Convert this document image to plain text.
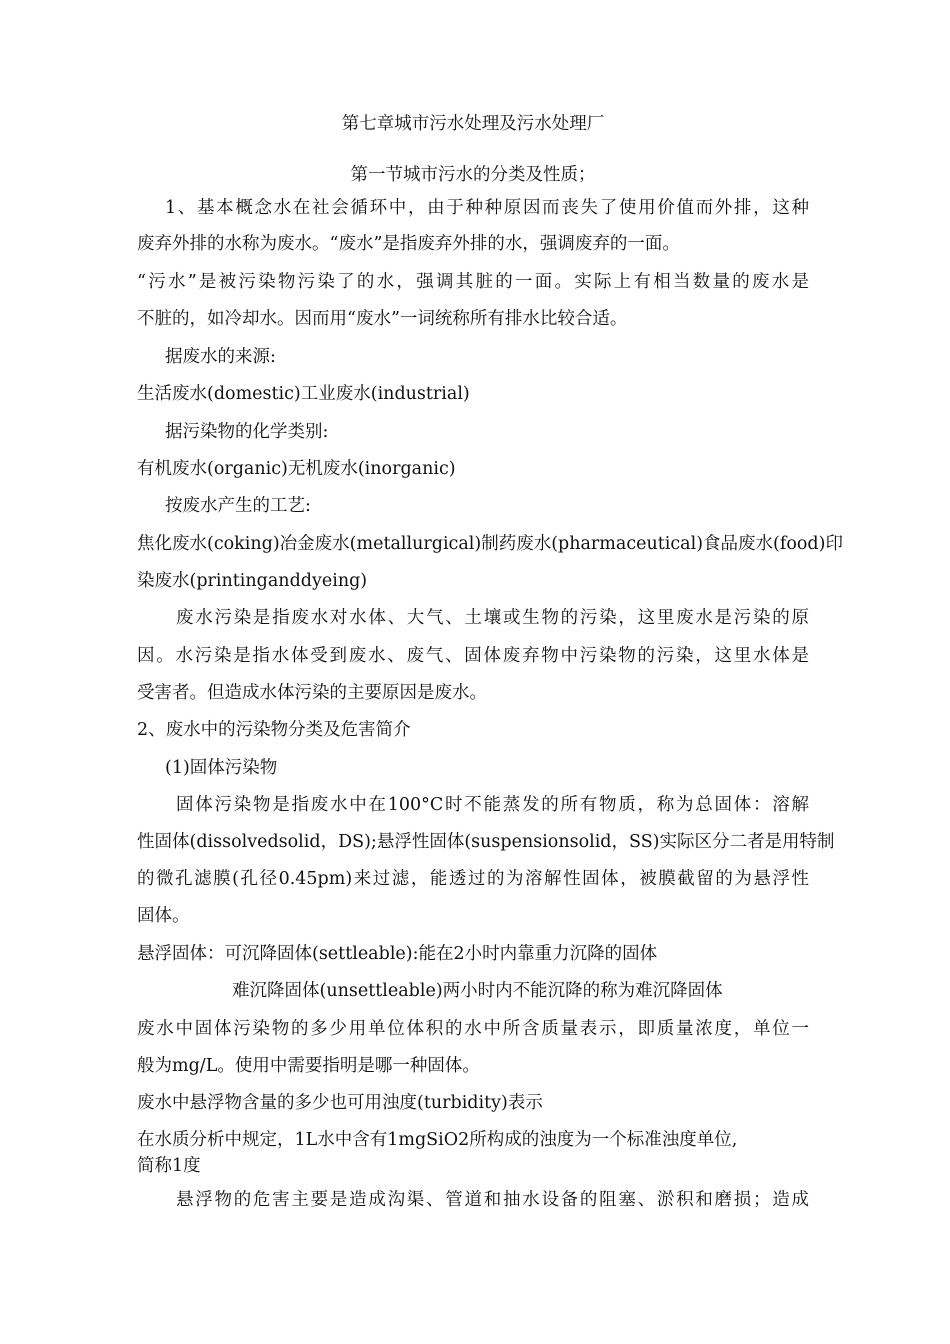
第七章城市污水处理及污水处理厂
第一节城市污水的分类及性质；
1、基本概念水在社会循环中，由于种种原因而丧失了使用价值而外排，这种
废弃外排的水称为废水。“废水”是指废弃外排的水，强调废弃的一面。
“污水”是被污染物污染了的水，强调其脏的一面。实际上有相当数量的废水是
不脏的，如冷却水。因而用“废水”一词统称所有排水比较合适。
据废水的来源:
生活废水(domestic)工业废水(industrial)
据污染物的化学类别:
有机废水(organic)无机废水(inorganic)
按废水产生的工艺:
焦化废水(coking)冶金废水(metallurgical)制药废水(pharmaceutical)食品废水(food)印
染废水(printinganddyeing)
废水污染是指废水对水体、大气、土壤或生物的污染，这里废水是污染的原
因。水污染是指水体受到废水、废气、固体废弃物中污染物的污染，这里水体是
受害者。但造成水体污染的主要原因是废水。
2、废水中的污染物分类及危害简介
(1)固体污染物
固体污染物是指废水中在100°C时不能蒸发的所有物质，称为总固体：溶解
性固体(dissolvedsolid，DS);悬浮性固体(suspensionsolid，SS)实际区分二者是用特制
的微孔滤膜(孔径0.45pm)来过滤，能透过的为溶解性固体，被膜截留的为悬浮性
固体。
悬浮固体：可沉降固体(settleable):能在2小时内靠重力沉降的固体
难沉降固体(unsettleable)两小时内不能沉降的称为难沉降固体
废水中固体污染物的多少用单位体积的水中所含质量表示，即质量浓度，单位一
般为mg/L。使用中需要指明是哪一种固体。
废水中悬浮物含量的多少也可用浊度(turbidity)表示
在水质分析中规定，1L水中含有1mgSiO2所构成的浊度为一个标准浊度单位,
简称1度
悬浮物的危害主要是造成沟渠、管道和抽水设备的阻塞、淤积和磨损；造成
